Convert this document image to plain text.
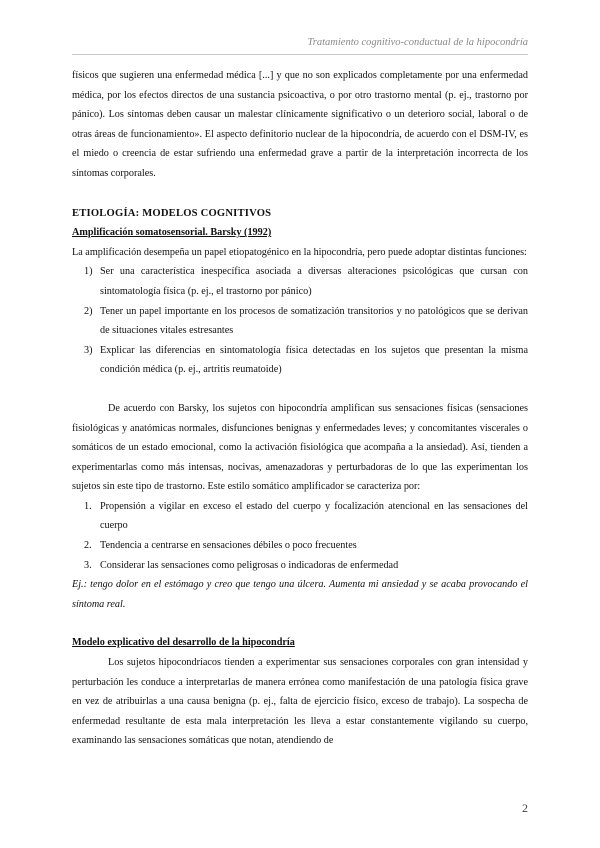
Tratamiento cognitivo-conductual de la hipocondría

físicos que sugieren una enfermedad médica [...] y que no son explicados completamente por una enfermedad médica, por los efectos directos de una sustancia psicoactiva, o por otro trastorno mental (p. ej., trastorno por pánico). Los síntomas deben causar un malestar clínicamente significativo o un deterioro social, laboral o de otras áreas de funcionamiento». El aspecto definitorio nuclear de la hipocondría, de acuerdo con el DSM-IV, es el miedo o creencia de estar sufriendo una enfermedad grave a partir de la interpretación incorrecta de los síntomas corporales.

ETIOLOGÍA: MODELOS COGNITIVOS
Amplificación somatosensorial. Barsky (1992)

La amplificación desempeña un papel etiopatogénico en la hipocondría, pero puede adoptar distintas funciones:

1) Ser una característica inespecífica asociada a diversas alteraciones psicológicas que cursan con sintomatología física (p. ej., el trastorno por pánico)
2) Tener un papel importante en los procesos de somatización transitorios y no patológicos que se derivan de situaciones vitales estresantes
3) Explicar las diferencias en sintomatología física detectadas en los sujetos que presentan la misma condición médica (p. ej., artritis reumatoide)

De acuerdo con Barsky, los sujetos con hipocondría amplifican sus sensaciones físicas (sensaciones fisiológicas y anatómicas normales, disfunciones benignas y enfermedades leves; y concomitantes viscerales o somáticos de un estado emocional, como la activación fisiológica que acompaña a la ansiedad). Así, tienden a experimentarlas como más intensas, nocivas, amenazadoras y perturbadoras de lo que las experimentan los sujetos sin este tipo de trastorno. Este estilo somático amplificador se caracteriza por:

1. Propensión a vigilar en exceso el estado del cuerpo y focalización atencional en las sensaciones del cuerpo
2. Tendencia a centrarse en sensaciones débiles o poco frecuentes
3. Considerar las sensaciones como peligrosas o indicadoras de enfermedad

Ej.: tengo dolor en el estómago y creo que tengo una úlcera. Aumenta mi ansiedad y se acaba provocando el síntoma real.

Modelo explicativo del desarrollo de la hipocondría

Los sujetos hipocondríacos tienden a experimentar sus sensaciones corporales con gran intensidad y perturbación les conduce a interpretarlas de manera errónea como manifestación de una patología física grave en vez de atribuirlas a una causa benigna (p. ej., falta de ejercicio físico, exceso de trabajo). La sospecha de enfermedad resultante de esta mala interpretación les lleva a estar constantemente vigilando su cuerpo, examinando las sensaciones somáticas que notan, atendiendo de

2
